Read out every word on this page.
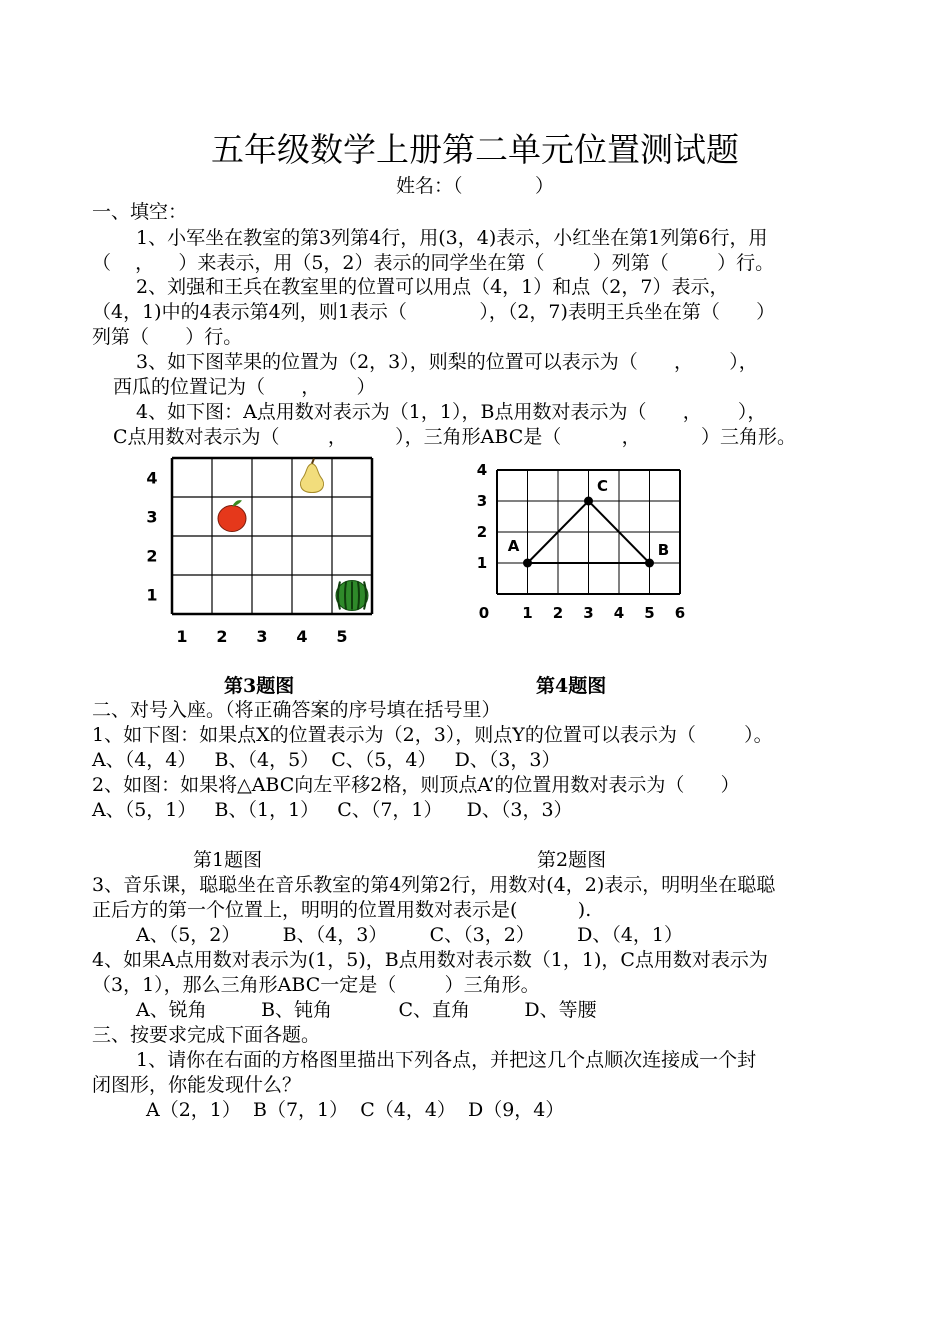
五年级数学上册第二单元位置测试题
姓名：（            ）
一、填空：
1、小军坐在教室的第3列第4行，用(3，4)表示，小红坐在第1列第6行，用
（    ，    ）来表示，用（5，2）表示的同学坐在第（        ）列第（        ）行。
2、刘强和王兵在教室里的位置可以用点（4，1）和点（2，7）表示，
（4，1)中的4表示第4列，则1表示（            ），（2，7)表明王兵坐在第（      ）
列第（      ）行。
3、如下图苹果的位置为（2，3），则梨的位置可以表示为（      ，      ），
西瓜的位置记为（      ，      ）
4、如下图：A点用数对表示为（1，1），B点用数对表示为（      ，      ），
C点用数对表示为（        ，        ），三角形ABC是（          ，          ）三角形。
1 2 3 4 5
4
3
2
1
0 1 2 3 4 5 6
4
3
2
1
A
C
B
第3题图	第4题图
二、对号入座。（将正确答案的序号填在括号里）
1、如下图：如果点X的位置表示为（2，3），则点Y的位置可以表示为（        ）。
A、（4，4）   B、（4，5）  C、（5，4）   D、（3，3）
2、如图：如果将△ABC向左平移2格，则顶点A’的位置用数对表示为（      ）
A、（5，1）   B、（1，1）   C、（7，1）    D、（3，3）
第1题图	第2题图
3、音乐课，聪聪坐在音乐教室的第4列第2行，用数对(4，2)表示，明明坐在聪聪
正后方的第一个位置上，明明的位置用数对表示是(          ).
A、（5，2）       B、（4，3）       C、（3，2）       D、（4，1）
4、如果A点用数对表示为(1，5)，B点用数对表示数（1，1)，C点用数对表示为
（3，1），那么三角形ABC一定是（        ）三角形。
A、锐角         B、钝角           C、直角         D、等腰
三、按要求完成下面各题。
1、请你在右面的方格图里描出下列各点，并把这几个点顺次连接成一个封
闭图形，你能发现什么？
A（2，1）  B（7，1）  C（4，4）  D（9，4）
